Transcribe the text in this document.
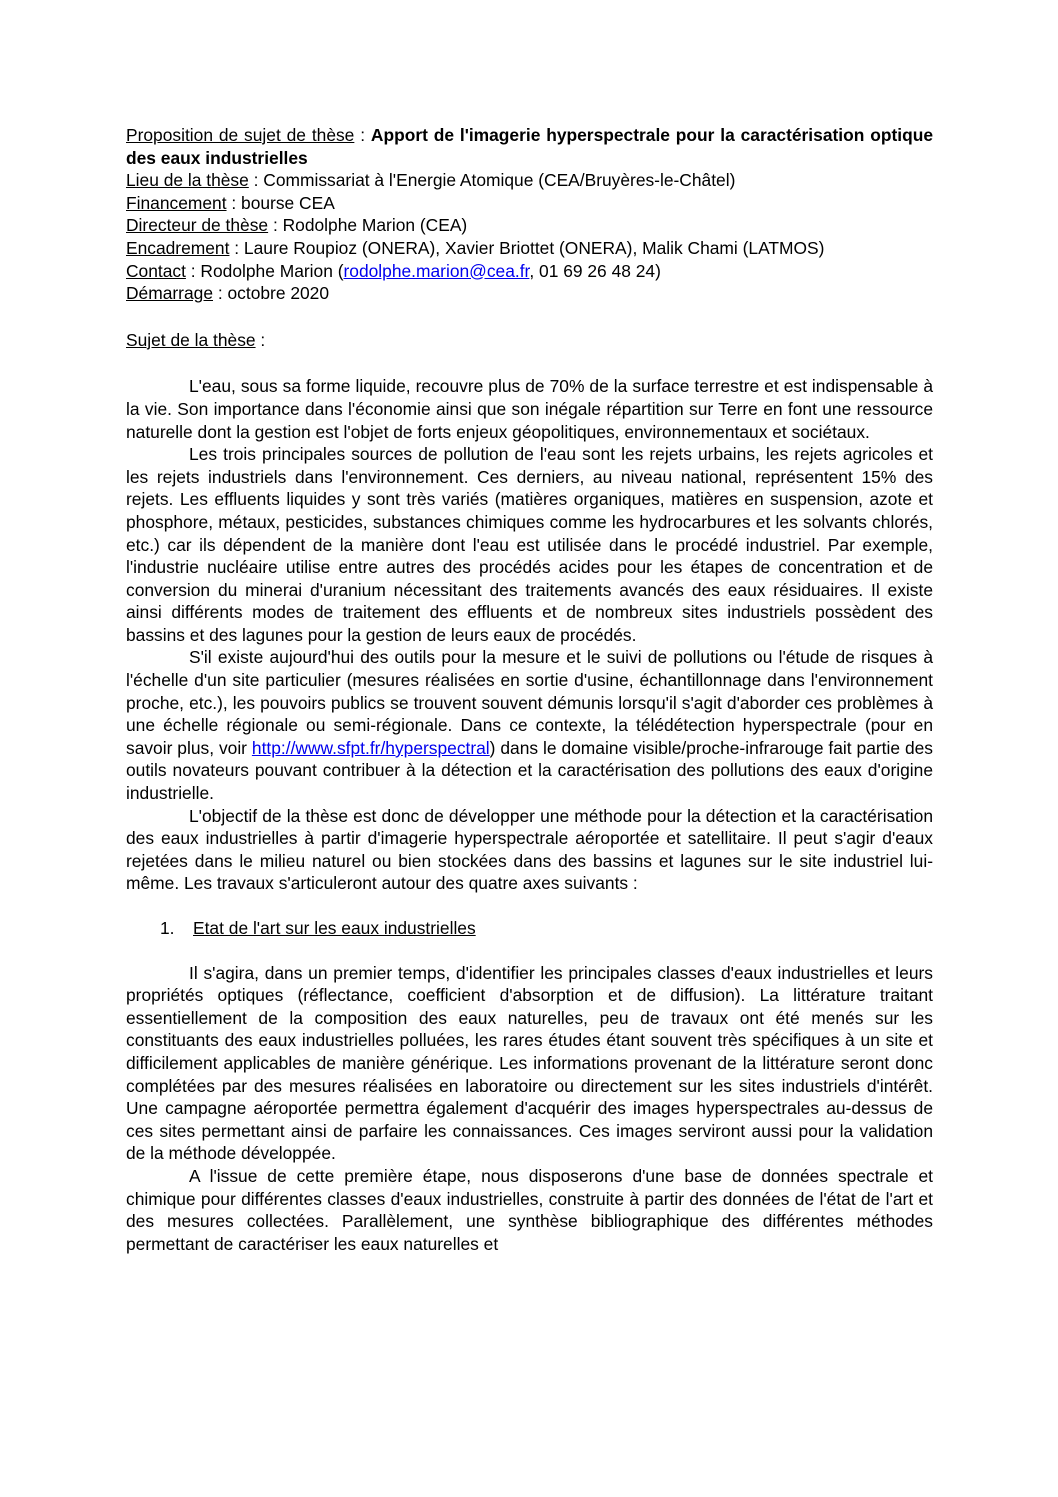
Proposition de sujet de thèse : Apport de l'imagerie hyperspectrale pour la caractérisation optique des eaux industrielles

Lieu de la thèse : Commissariat à l'Energie Atomique (CEA/Bruyères-le-Châtel)

Financement : bourse CEA

Directeur de thèse : Rodolphe Marion (CEA)

Encadrement : Laure Roupioz (ONERA), Xavier Briottet (ONERA), Malik Chami (LATMOS)

Contact : Rodolphe Marion (rodolphe.marion@cea.fr, 01 69 26 48 24)

Démarrage : octobre 2020

Sujet de la thèse :

L'eau, sous sa forme liquide, recouvre plus de 70% de la surface terrestre et est indispensable à la vie. Son importance dans l'économie ainsi que son inégale répartition sur Terre en font une ressource naturelle dont la gestion est l'objet de forts enjeux géopolitiques, environnementaux et sociétaux.

Les trois principales sources de pollution de l'eau sont les rejets urbains, les rejets agricoles et les rejets industriels dans l'environnement. Ces derniers, au niveau national, représentent 15% des rejets. Les effluents liquides y sont très variés (matières organiques, matières en suspension, azote et phosphore, métaux, pesticides, substances chimiques comme les hydrocarbures et les solvants chlorés, etc.) car ils dépendent de la manière dont l'eau est utilisée dans le procédé industriel. Par exemple, l'industrie nucléaire utilise entre autres des procédés acides pour les étapes de concentration et de conversion du minerai d'uranium nécessitant des traitements avancés des eaux résiduaires. Il existe ainsi différents modes de traitement des effluents et de nombreux sites industriels possèdent des bassins et des lagunes pour la gestion de leurs eaux de procédés.

S'il existe aujourd'hui des outils pour la mesure et le suivi de pollutions ou l'étude de risques à l'échelle d'un site particulier (mesures réalisées en sortie d'usine, échantillonnage dans l'environnement proche, etc.), les pouvoirs publics se trouvent souvent démunis lorsqu'il s'agit d'aborder ces problèmes à une échelle régionale ou semi-régionale. Dans ce contexte, la télédétection hyperspectrale (pour en savoir plus, voir http://www.sfpt.fr/hyperspectral) dans le domaine visible/proche-infrarouge fait partie des outils novateurs pouvant contribuer à la détection et la caractérisation des pollutions des eaux d'origine industrielle.

L'objectif de la thèse est donc de développer une méthode pour la détection et la caractérisation des eaux industrielles à partir d'imagerie hyperspectrale aéroportée et satellitaire. Il peut s'agir d'eaux rejetées dans le milieu naturel ou bien stockées dans des bassins et lagunes sur le site industriel lui-même. Les travaux s'articuleront autour des quatre axes suivants :

1. Etat de l'art sur les eaux industrielles

Il s'agira, dans un premier temps, d'identifier les principales classes d'eaux industrielles et leurs propriétés optiques (réflectance, coefficient d'absorption et de diffusion). La littérature traitant essentiellement de la composition des eaux naturelles, peu de travaux ont été menés sur les constituants des eaux industrielles polluées, les rares études étant souvent très spécifiques à un site et difficilement applicables de manière générique. Les informations provenant de la littérature seront donc complétées par des mesures réalisées en laboratoire ou directement sur les sites industriels d'intérêt. Une campagne aéroportée permettra également d'acquérir des images hyperspectrales au-dessus de ces sites permettant ainsi de parfaire les connaissances. Ces images serviront aussi pour la validation de la méthode développée.

A l'issue de cette première étape, nous disposerons d'une base de données spectrale et chimique pour différentes classes d'eaux industrielles, construite à partir des données de l'état de l'art et des mesures collectées. Parallèlement, une synthèse bibliographique des différentes méthodes permettant de caractériser les eaux naturelles et
